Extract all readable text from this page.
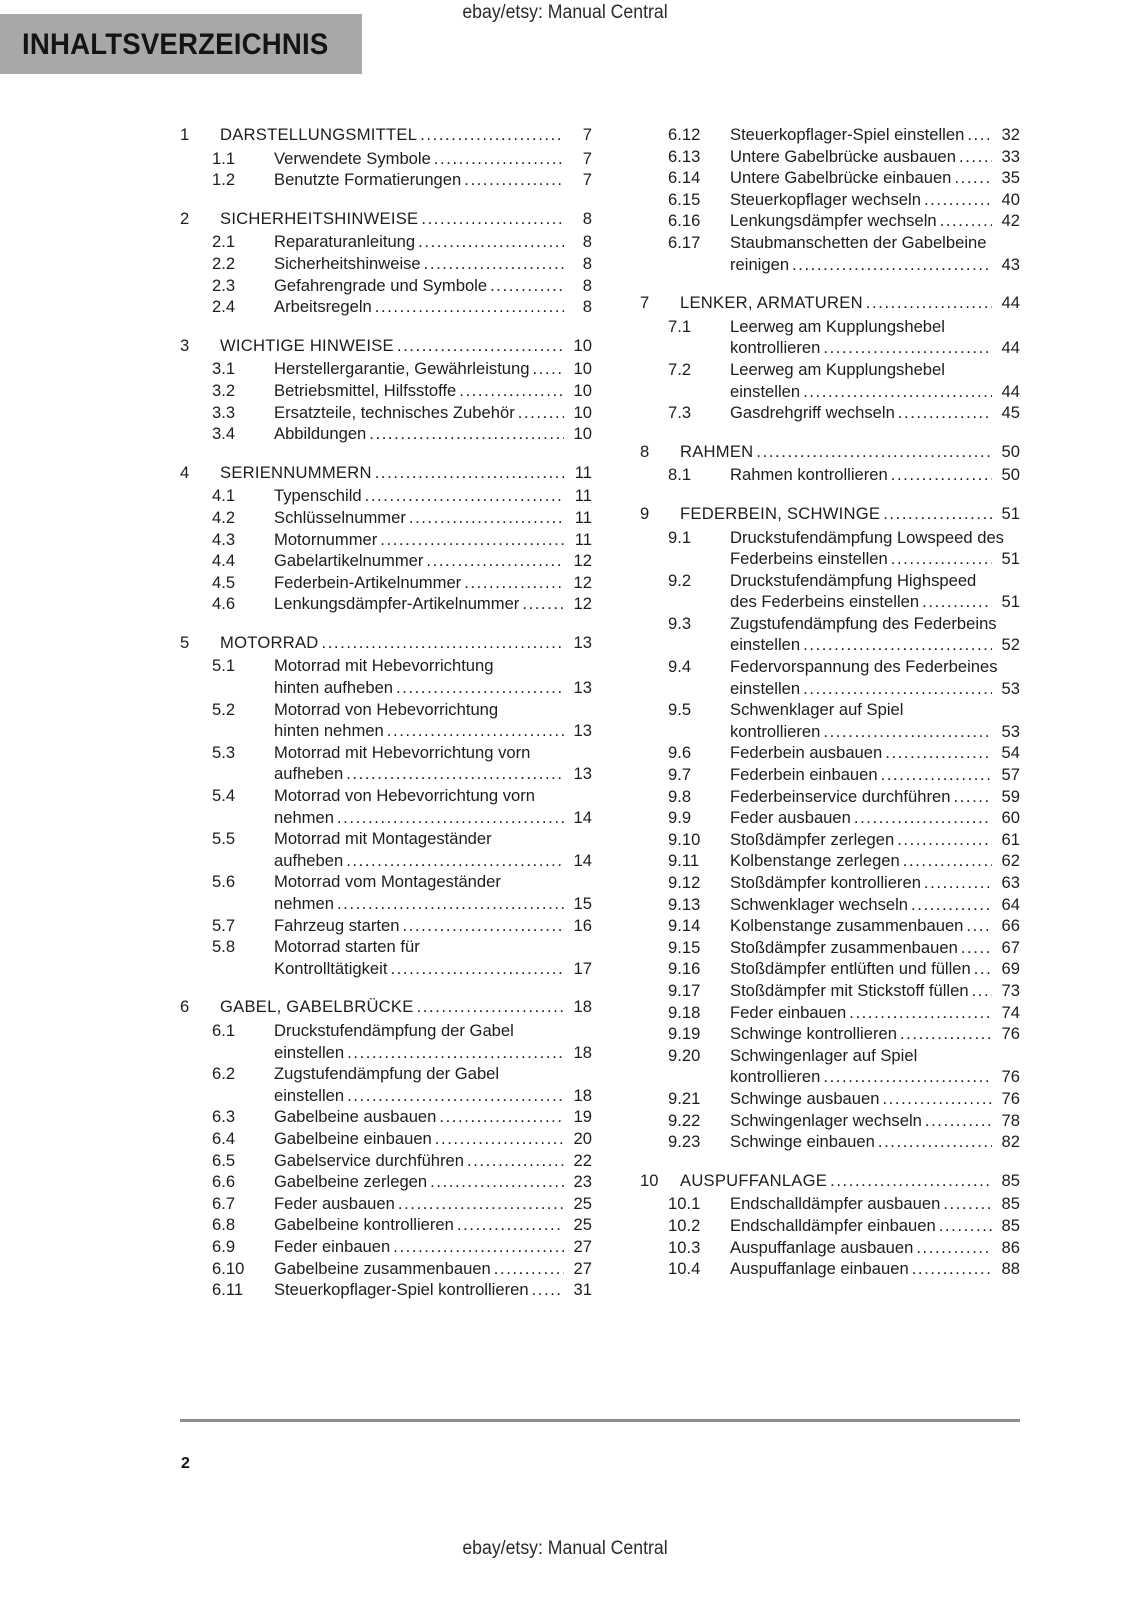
ebay/etsy: Manual Central
INHALTSVERZEICHNIS
1	DARSTELLUNGSMITTEL .....	7
1.1	Verwendete Symbole .....	7
1.2	Benutzte Formatierungen .....	7
2	SICHERHEITSHINWEISE .....	8
2.1	Reparaturanleitung .....	8
2.2	Sicherheitshinweise .....	8
2.3	Gefahrengrade und Symbole .....	8
2.4	Arbeitsregeln .....	8
3	WICHTIGE HINWEISE .....	10
3.1	Herstellergarantie, Gewährleistung .....	10
3.2	Betriebsmittel, Hilfsstoffe .....	10
3.3	Ersatzteile, technisches Zubehör .....	10
3.4	Abbildungen .....	10
4	SERIENNUMMERN .....	11
4.1	Typenschild .....	11
4.2	Schlüsselnummer .....	11
4.3	Motornummer .....	11
4.4	Gabelartikelnummer .....	12
4.5	Federbein-Artikelnummer .....	12
4.6	Lenkungsdämpfer-Artikelnummer .....	12
5	MOTORRAD .....	13
5.1	Motorrad mit Hebevorrichtung
hinten aufheben .....	13
5.2	Motorrad von Hebevorrichtung
hinten nehmen .....	13
5.3	Motorrad mit Hebevorrichtung vorn
aufheben .....	13
5.4	Motorrad von Hebevorrichtung vorn
nehmen .....	14
5.5	Motorrad mit Montageständer
aufheben .....	14
5.6	Motorrad vom Montageständer
nehmen .....	15
5.7	Fahrzeug starten .....	16
5.8	Motorrad starten für
Kontrolltätigkeit .....	17
6	GABEL, GABELBRÜCKE .....	18
6.1	Druckstufendämpfung der Gabel
einstellen .....	18
6.2	Zugstufendämpfung der Gabel
einstellen .....	18
6.3	Gabelbeine ausbauen .....	19
6.4	Gabelbeine einbauen .....	20
6.5	Gabelservice durchführen .....	22
6.6	Gabelbeine zerlegen .....	23
6.7	Feder ausbauen .....	25
6.8	Gabelbeine kontrollieren .....	25
6.9	Feder einbauen .....	27
6.10	Gabelbeine zusammenbauen .....	27
6.11	Steuerkopflager-Spiel kontrollieren .....	31
6.12	Steuerkopflager-Spiel einstellen .....	32
6.13	Untere Gabelbrücke ausbauen .....	33
6.14	Untere Gabelbrücke einbauen .....	35
6.15	Steuerkopflager wechseln .....	40
6.16	Lenkungsdämpfer wechseln .....	42
6.17	Staubmanschetten der Gabelbeine
reinigen .....	43
7	LENKER, ARMATUREN .....	44
7.1	Leerweg am Kupplungshebel
kontrollieren .....	44
7.2	Leerweg am Kupplungshebel
einstellen .....	44
7.3	Gasdrehgriff wechseln .....	45
8	RAHMEN .....	50
8.1	Rahmen kontrollieren .....	50
9	FEDERBEIN, SCHWINGE .....	51
9.1	Druckstufendämpfung Lowspeed des
Federbeins einstellen .....	51
9.2	Druckstufendämpfung Highspeed
des Federbeins einstellen .....	51
9.3	Zugstufendämpfung des Federbeins
einstellen .....	52
9.4	Federvorspannung des Federbeines
einstellen .....	53
9.5	Schwenklager auf Spiel
kontrollieren .....	53
9.6	Federbein ausbauen .....	54
9.7	Federbein einbauen .....	57
9.8	Federbeinservice durchführen .....	59
9.9	Feder ausbauen .....	60
9.10	Stoßdämpfer zerlegen .....	61
9.11	Kolbenstange zerlegen .....	62
9.12	Stoßdämpfer kontrollieren .....	63
9.13	Schwenklager wechseln .....	64
9.14	Kolbenstange zusammenbauen .....	66
9.15	Stoßdämpfer zusammenbauen .....	67
9.16	Stoßdämpfer entlüften und füllen .....	69
9.17	Stoßdämpfer mit Stickstoff füllen .....	73
9.18	Feder einbauen .....	74
9.19	Schwinge kontrollieren .....	76
9.20	Schwingenlager auf Spiel
kontrollieren .....	76
9.21	Schwinge ausbauen .....	76
9.22	Schwingenlager wechseln .....	78
9.23	Schwinge einbauen .....	82
10	AUSPUFFANLAGE .....	85
10.1	Endschalldämpfer ausbauen .....	85
10.2	Endschalldämpfer einbauen .....	85
10.3	Auspuffanlage ausbauen .....	86
10.4	Auspuffanlage einbauen .....	88
2
ebay/etsy: Manual Central
